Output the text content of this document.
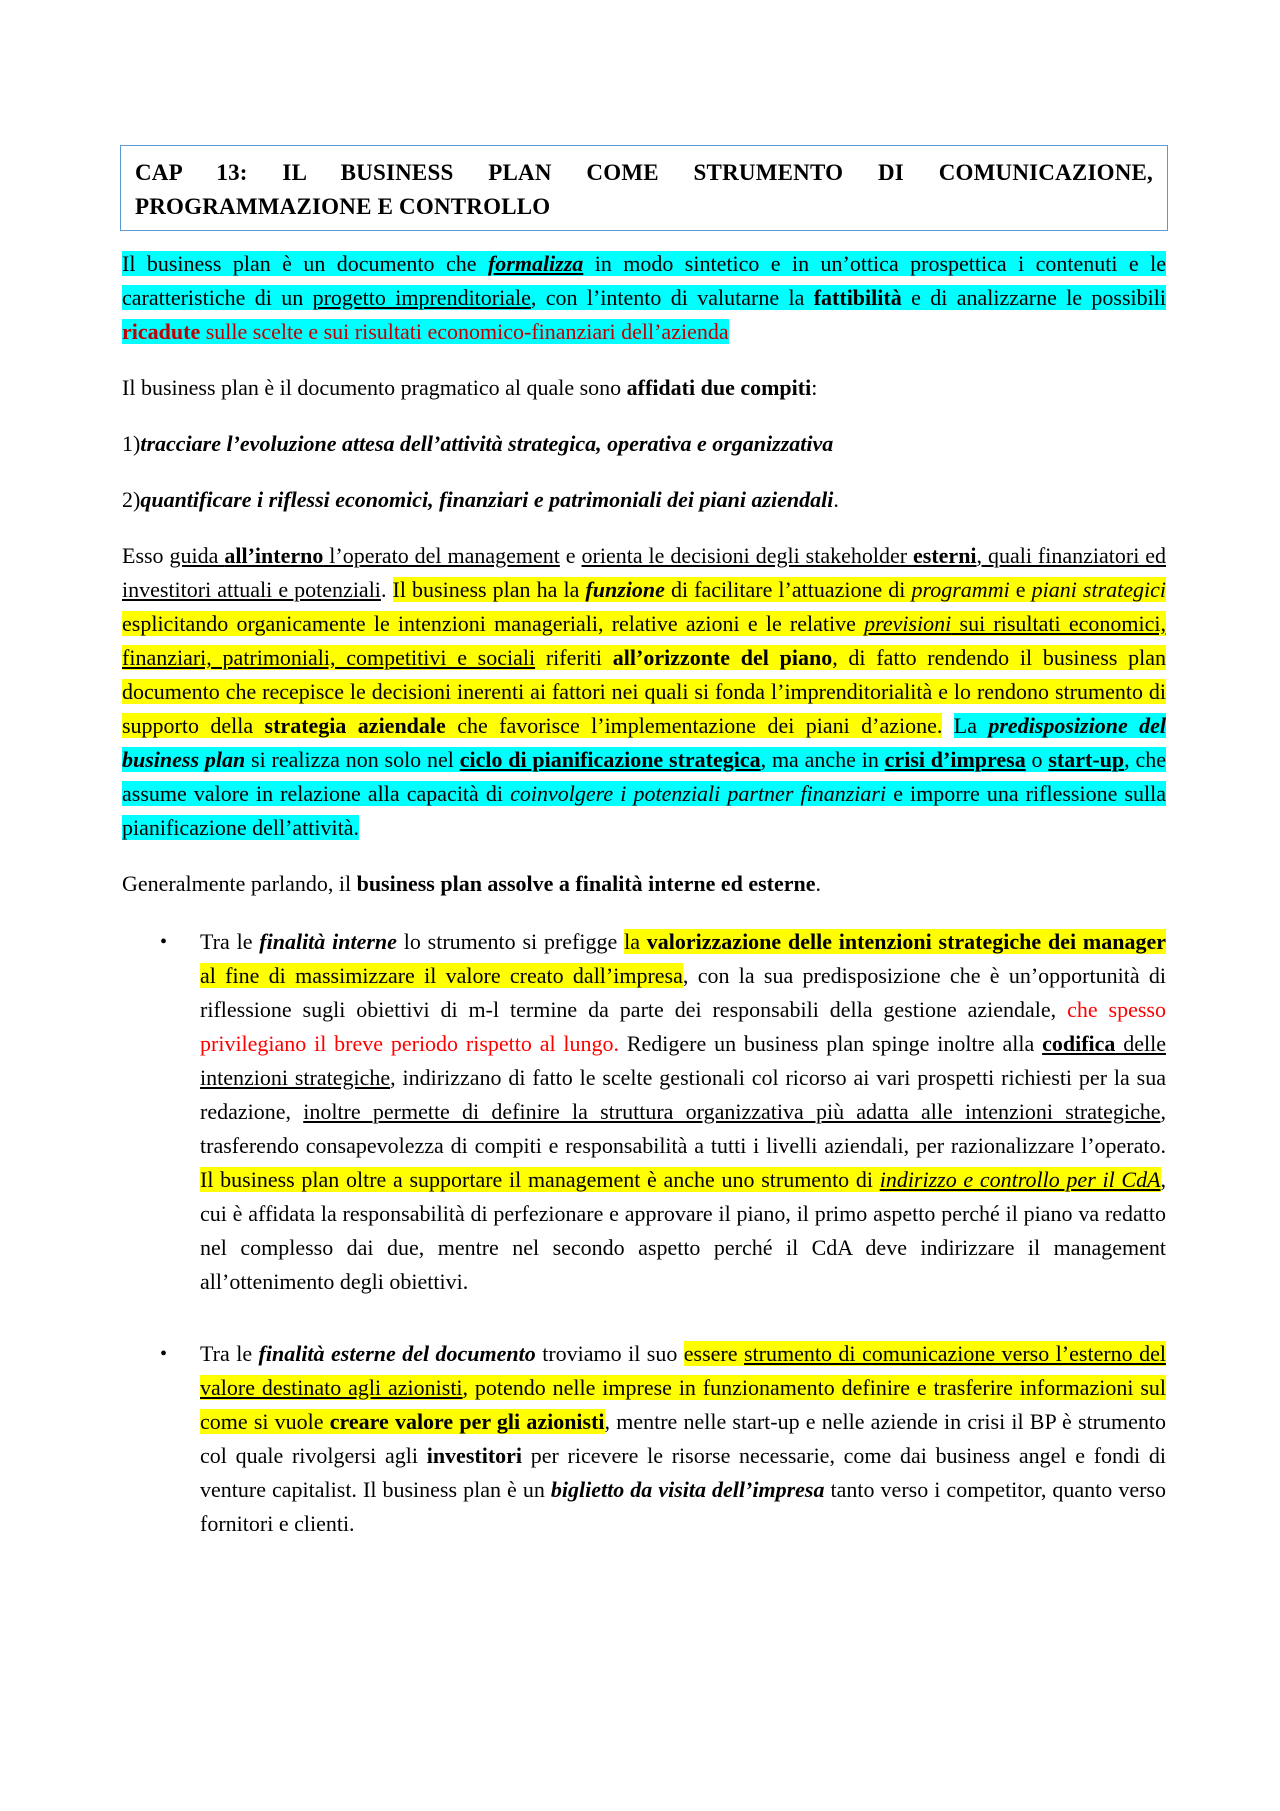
CAP 13: IL BUSINESS PLAN COME STRUMENTO DI COMUNICAZIONE, PROGRAMMAZIONE E CONTROLLO

Il business plan è un documento che formalizza in modo sintetico e in un’ottica prospettica i contenuti e le caratteristiche di un progetto imprenditoriale, con l’intento di valutarne la fattibilità e di analizzarne le possibili ricadute sulle scelte e sui risultati economico-finanziari dell’azienda

Il business plan è il documento pragmatico al quale sono affidati due compiti:

1)tracciare l’evoluzione attesa dell’attività strategica, operativa e organizzativa

2)quantificare i riflessi economici, finanziari e patrimoniali dei piani aziendali.

Esso guida all’interno l’operato del management e orienta le decisioni degli stakeholder esterni, quali finanziatori ed investitori attuali e potenziali. Il business plan ha la funzione di facilitare l’attuazione di programmi e piani strategici esplicitando organicamente le intenzioni manageriali, relative azioni e le relative previsioni sui risultati economici, finanziari, patrimoniali, competitivi e sociali riferiti all’orizzonte del piano, di fatto rendendo il business plan documento che recepisce le decisioni inerenti ai fattori nei quali si fonda l’imprenditorialità e lo rendono strumento di supporto della strategia aziendale che favorisce l’implementazione dei piani d’azione. La predisposizione del business plan si realizza non solo nel ciclo di pianificazione strategica, ma anche in crisi d’impresa o start-up, che assume valore in relazione alla capacità di coinvolgere i potenziali partner finanziari e imporre una riflessione sulla pianificazione dell’attività.

Generalmente parlando, il business plan assolve a finalità interne ed esterne.

• Tra le finalità interne lo strumento si prefigge la valorizzazione delle intenzioni strategiche dei manager al fine di massimizzare il valore creato dall’impresa, con la sua predisposizione che è un’opportunità di riflessione sugli obiettivi di m-l termine da parte dei responsabili della gestione aziendale, che spesso privilegiano il breve periodo rispetto al lungo. Redigere un business plan spinge inoltre alla codifica delle intenzioni strategiche, indirizzano di fatto le scelte gestionali col ricorso ai vari prospetti richiesti per la sua redazione, inoltre permette di definire la struttura organizzativa più adatta alle intenzioni strategiche, trasferendo consapevolezza di compiti e responsabilità a tutti i livelli aziendali, per razionalizzare l’operato. Il business plan oltre a supportare il management è anche uno strumento di indirizzo e controllo per il CdA, cui è affidata la responsabilità di perfezionare e approvare il piano, il primo aspetto perché il piano va redatto nel complesso dai due, mentre nel secondo aspetto perché il CdA deve indirizzare il management all’ottenimento degli obiettivi.
• Tra le finalità esterne del documento troviamo il suo essere strumento di comunicazione verso l’esterno del valore destinato agli azionisti, potendo nelle imprese in funzionamento definire e trasferire informazioni sul come si vuole creare valore per gli azionisti, mentre nelle start-up e nelle aziende in crisi il BP è strumento col quale rivolgersi agli investitori per ricevere le risorse necessarie, come dai business angel e fondi di venture capitalist. Il business plan è un biglietto da visita dell’impresa tanto verso i competitor, quanto verso fornitori e clienti.
